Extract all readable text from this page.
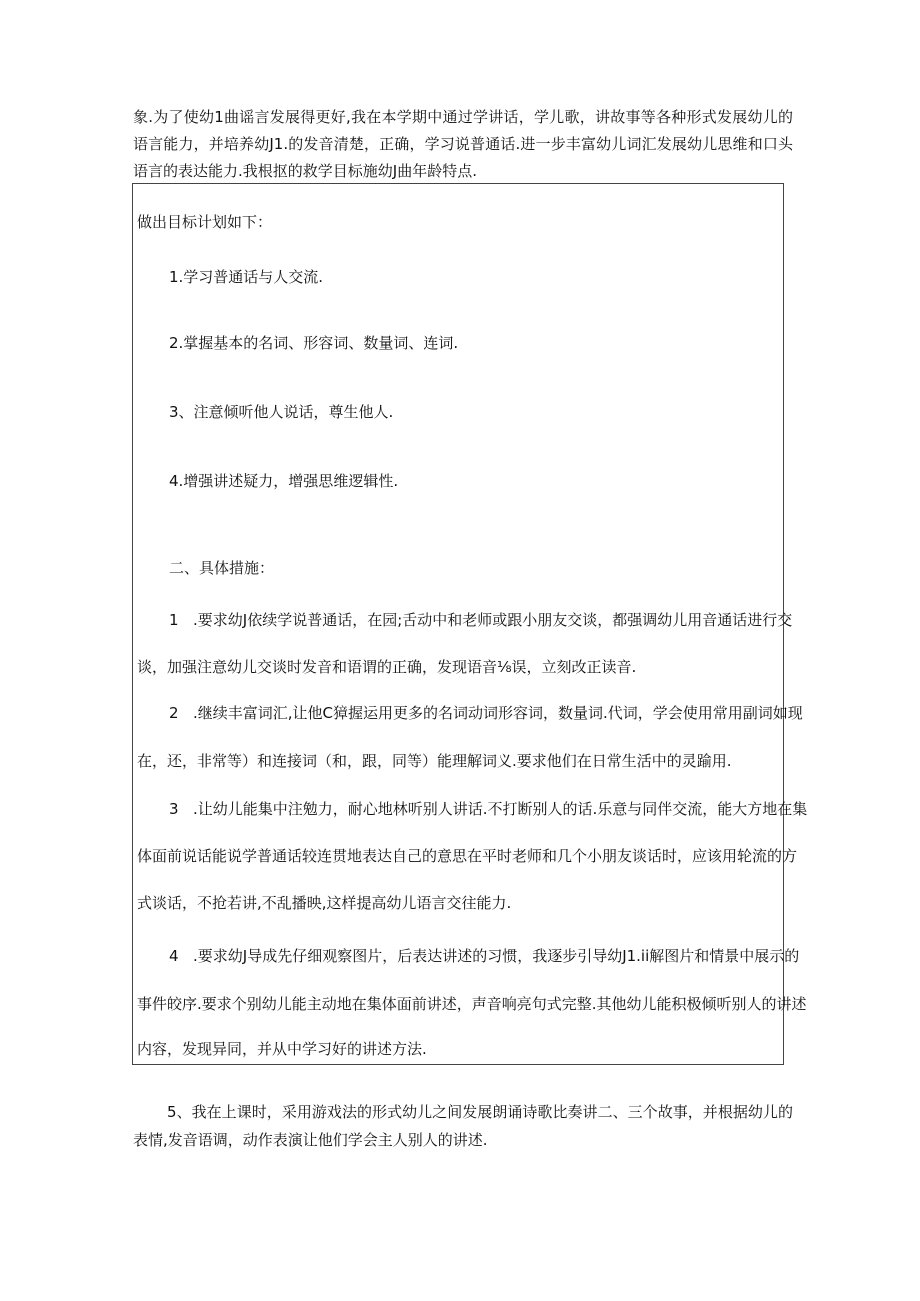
象.为了使幼1曲谣言发展得更好,我在本学期中通过学讲话，学儿歌，讲故事等各种形式发展幼儿的语言能力，并培养幼J1.的发音清楚，正确，学习说普通话.进一步丰富幼儿词汇发展幼儿思维和口头语言的表达能力.我根抠的救学目标施幼J曲年龄特点.

做出目标计划如下：

1.学习普通话与人交流.

2.掌握基本的名词、形容词、数量词、连词.

3、注意倾听他人说话，尊生他人.

4.增强讲述疑力，增强思维逻辑性.

二、具体措施：

1 .要求幼J依续学说普通话，在园;舌动中和老师或跟小朋友交谈，都强调幼儿用音通话进行交

谈，加强注意幼儿交谈时发音和语谓的正确，发现语音⅛误，立刻改正读音.

2 .继续丰富词汇,让他C獐握运用更多的名词动词形容词，数量词.代词，学会使用常用副词如现

在，还，非常等）和连接词（和，跟，同等）能理解词义.要求他们在日常生活中的灵踰用.

3 .让幼儿能集中注勉力，耐心地林听别人讲话.不打断别人的话.乐意与同伴交流，能大方地在集

体面前说话能说学普通话较连贯地表达自己的意思在平时老师和几个小朋友谈话时，应该用轮流的方

式谈话，不抢若讲,不乱播映,这样提高幼儿语言交往能力.

4 .要求幼J导成先仔细观察图片，后表达讲述的习惯，我逐步引导幼J1.ii解图片和情景中展示的

事件皎序.要求个别幼儿能主动地在集体面前讲述，声音响亮句式完整.其他幼儿能积极倾听别人的讲述

内容，发现异同，并从中学习好的讲述方法.

5、我在上课时，采用游戏法的形式幼儿之间发展朗诵诗歌比奏讲二、三个故事，并根据幼儿的表情,发音语调，动作表演让他们学会主人别人的讲述.
